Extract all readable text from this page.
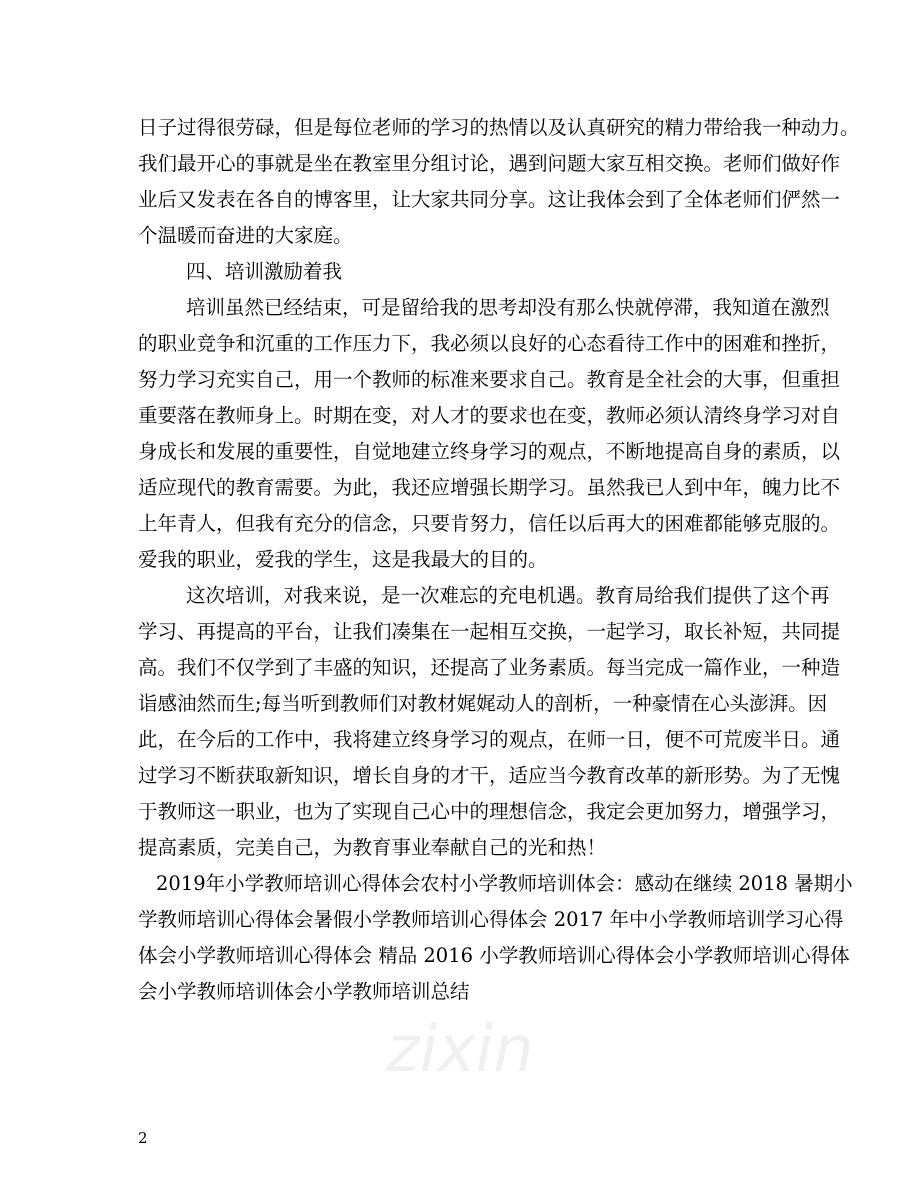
日子过得很劳碌，但是每位老师的学习的热情以及认真研究的精力带给我一种动力。
我们最开心的事就是坐在教室里分组讨论，遇到问题大家互相交换。老师们做好作
业后又发表在各自的博客里，让大家共同分享。这让我体会到了全体老师们俨然一
个温暖而奋进的大家庭。
四、培训激励着我
培训虽然已经结束，可是留给我的思考却没有那么快就停滞，我知道在激烈
的职业竞争和沉重的工作压力下，我必须以良好的心态看待工作中的困难和挫折，
努力学习充实自己，用一个教师的标准来要求自己。教育是全社会的大事，但重担
重要落在教师身上。时期在变，对人才的要求也在变，教师必须认清终身学习对自
身成长和发展的重要性，自觉地建立终身学习的观点，不断地提高自身的素质，以
适应现代的教育需要。为此，我还应增强长期学习。虽然我已人到中年，魄力比不
上年青人，但我有充分的信念，只要肯努力，信任以后再大的困难都能够克服的。
爱我的职业，爱我的学生，这是我最大的目的。
这次培训，对我来说，是一次难忘的充电机遇。教育局给我们提供了这个再
学习、再提高的平台，让我们凑集在一起相互交换，一起学习，取长补短，共同提
高。我们不仅学到了丰盛的知识，还提高了业务素质。每当完成一篇作业，一种造
诣感油然而生;每当听到教师们对教材娓娓动人的剖析，一种豪情在心头澎湃。因
此，在今后的工作中，我将建立终身学习的观点，在师一日，便不可荒废半日。通
过学习不断获取新知识，增长自身的才干，适应当今教育改革的新形势。为了无愧
于教师这一职业，也为了实现自己心中的理想信念，我定会更加努力，增强学习，
提高素质，完美自己，为教育事业奉献自己的光和热！
2019年小学教师培训心得体会农村小学教师培训体会：感动在继续 2018 暑期小
学教师培训心得体会暑假小学教师培训心得体会 2017 年中小学教师培训学习心得
体会小学教师培训心得体会 精品 2016 小学教师培训心得体会小学教师培训心得体
会小学教师培训体会小学教师培训总结
zixin
2
